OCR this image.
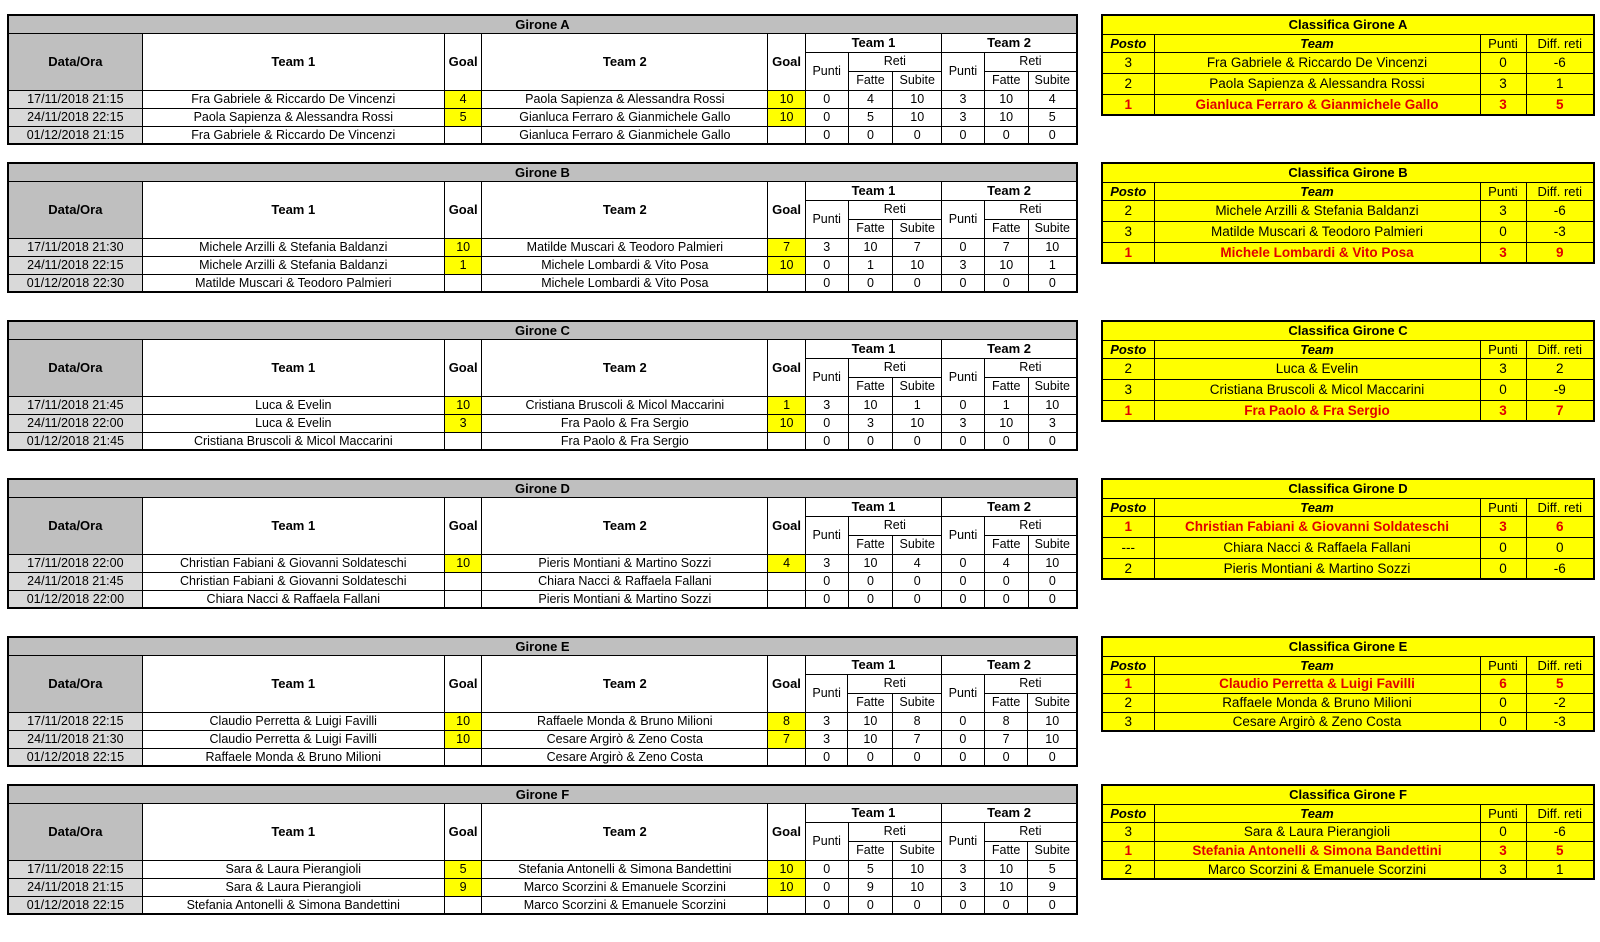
Girone A										
Data/Ora	Team 1	Goal	Team 2	Goal	Team 1			Team 2		
					Punti	Reti		Punti	Reti	
						Fatte	Subite		Fatte	Subite
17/11/2018 21:15	Fra Gabriele & Riccardo De Vincenzi	4	Paola Sapienza & Alessandra Rossi	10	0	4	10	3	10	4
24/11/2018 22:15	Paola Sapienza & Alessandra Rossi	5	Gianluca Ferraro & Gianmichele Gallo	10	0	5	10	3	10	5
01/12/2018 21:15	Fra Gabriele & Riccardo De Vincenzi		Gianluca Ferraro & Gianmichele Gallo		0	0	0	0	0	0
Classifica Girone A			
Posto	Team	Punti	Diff. reti
3	Fra Gabriele & Riccardo De Vincenzi	0	-6
2	Paola Sapienza & Alessandra Rossi	3	1
1	Gianluca Ferraro & Gianmichele Gallo	3	5
Girone B										
Data/Ora	Team 1	Goal	Team 2	Goal	Team 1			Team 2		
					Punti	Reti		Punti	Reti	
						Fatte	Subite		Fatte	Subite
17/11/2018 21:30	Michele Arzilli & Stefania Baldanzi	10	Matilde Muscari & Teodoro Palmieri	7	3	10	7	0	7	10
24/11/2018 22:15	Michele Arzilli & Stefania Baldanzi	1	Michele Lombardi & Vito Posa	10	0	1	10	3	10	1
01/12/2018 22:30	Matilde Muscari & Teodoro Palmieri		Michele Lombardi & Vito Posa		0	0	0	0	0	0
Classifica Girone B			
Posto	Team	Punti	Diff. reti
2	Michele Arzilli & Stefania Baldanzi	3	-6
3	Matilde Muscari & Teodoro Palmieri	0	-3
1	Michele Lombardi & Vito Posa	3	9
Girone C										
Data/Ora	Team 1	Goal	Team 2	Goal	Team 1			Team 2		
					Punti	Reti		Punti	Reti	
						Fatte	Subite		Fatte	Subite
17/11/2018 21:45	Luca & Evelin	10	Cristiana Bruscoli & Micol Maccarini	1	3	10	1	0	1	10
24/11/2018 22:00	Luca & Evelin	3	Fra Paolo & Fra Sergio	10	0	3	10	3	10	3
01/12/2018 21:45	Cristiana Bruscoli & Micol Maccarini		Fra Paolo & Fra Sergio		0	0	0	0	0	0
Classifica Girone C			
Posto	Team	Punti	Diff. reti
2	Luca & Evelin	3	2
3	Cristiana Bruscoli & Micol Maccarini	0	-9
1	Fra Paolo & Fra Sergio	3	7
Girone D										
Data/Ora	Team 1	Goal	Team 2	Goal	Team 1			Team 2		
					Punti	Reti		Punti	Reti	
						Fatte	Subite		Fatte	Subite
17/11/2018 22:00	Christian Fabiani & Giovanni Soldateschi	10	Pieris Montiani & Martino Sozzi	4	3	10	4	0	4	10
24/11/2018 21:45	Christian Fabiani & Giovanni Soldateschi		Chiara Nacci & Raffaela Fallani		0	0	0	0	0	0
01/12/2018 22:00	Chiara Nacci & Raffaela Fallani		Pieris Montiani & Martino Sozzi		0	0	0	0	0	0
Classifica Girone D			
Posto	Team	Punti	Diff. reti
1	Christian Fabiani & Giovanni Soldateschi	3	6
---	Chiara Nacci & Raffaela Fallani	0	0
2	Pieris Montiani & Martino Sozzi	0	-6
Girone E										
Data/Ora	Team 1	Goal	Team 2	Goal	Team 1			Team 2		
					Punti	Reti		Punti	Reti	
						Fatte	Subite		Fatte	Subite
17/11/2018 22:15	Claudio Perretta & Luigi Favilli	10	Raffaele Monda & Bruno Milioni	8	3	10	8	0	8	10
24/11/2018 21:30	Claudio Perretta & Luigi Favilli	10	Cesare Argirò & Zeno Costa	7	3	10	7	0	7	10
01/12/2018 22:15	Raffaele Monda & Bruno Milioni		Cesare Argirò & Zeno Costa		0	0	0	0	0	0
Classifica Girone E			
Posto	Team	Punti	Diff. reti
1	Claudio Perretta & Luigi Favilli	6	5
2	Raffaele Monda & Bruno Milioni	0	-2
3	Cesare Argirò & Zeno Costa	0	-3
Girone F										
Data/Ora	Team 1	Goal	Team 2	Goal	Team 1			Team 2		
					Punti	Reti		Punti	Reti	
						Fatte	Subite		Fatte	Subite
17/11/2018 22:15	Sara & Laura Pierangioli	5	Stefania Antonelli & Simona Bandettini	10	0	5	10	3	10	5
24/11/2018 21:15	Sara & Laura Pierangioli	9	Marco Scorzini & Emanuele Scorzini	10	0	9	10	3	10	9
01/12/2018 22:15	Stefania Antonelli & Simona Bandettini		Marco Scorzini & Emanuele Scorzini		0	0	0	0	0	0
Classifica Girone F			
Posto	Team	Punti	Diff. reti
3	Sara & Laura Pierangioli	0	-6
1	Stefania Antonelli & Simona Bandettini	3	5
2	Marco Scorzini & Emanuele Scorzini	3	1
